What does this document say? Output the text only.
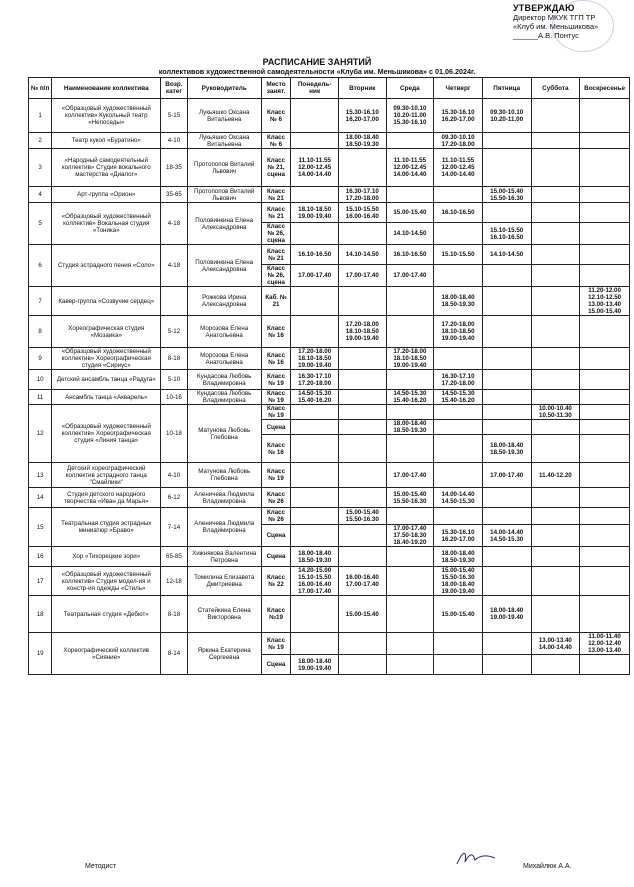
УТВЕРЖДАЮ
Директор МКУК ТГП ТР
«Клуб им. Меньшикова»
______А.В. Понтус
РАСПИСАНИЕ ЗАНЯТИЙ
коллективов художественной самодеятельности «Клуба им. Меньшикова» с 01.06.2024г.
№ п/п	Наименование коллектива	Возр. катег	Руководитель	Место занят.	Понедель-ник	Вторник	Среда	Четверг	Пятница	Суббота	Воскресенье
1	«Образцовый художественный коллектив» Кукольный театр «Непоседы»	5-15	Лукьяшко Оксана Витальевна	Класс № 6		15.30-16.10 16.20-17.00	09.30-10.10 10.20-11.00 15.30-16.10	15.30-16.10 16.20-17.00	09.30-10.10 10.20-11.00		
2	Театр кукол «Буратино»	4-10	Лукьяшко Оксана Витальевна	Класс № 6		18.00-18.40 18.50-19.30		09.30-10.10 17.20-18.00			
3	«Народный самодеятельный коллектив» Студия вокального мастерства «Диалог»	18-35	Протопопов Виталий Львович	Класс № 21, сцена	11.10-11.55 12.00-12.45 14.00-14.40		11.10-11.55 12.00-12.45 14.00-14.40	11.10-11.55 12.00-12.45 14.00-14.40			
4	Арт-группа «Орион»	35-65	Протопопов Виталий Львович	Класс № 21		16.30-17.10 17.20-18.00			15.00-15.40 15.50-16.30		
5	«Образцовый художественный коллектив» Вокальная студия «Тоника»	4-18	Половинкина Елена Александровна	Класс № 21	18.10-18.50 19.00-19.40	15.10-15.50 16.00-16.40	15.00-15.40	16.10-16.50			
				Класс № 26, сцена			14.10-14.50		15.10-15.50 16.10-16.50		
6	Студия эстрадного пения «Соло»	4-18	Половинкина Елена Александровна	Класс № 21	16.10-16.50	14.10-14.50	16.10-16.50	15.10-15.50	14.10-14.50		
				Класс № 26, сцена	17.00-17.40	17.00-17.40	17.00-17.40				
7	Кавер-группа «Созвучие сердец»		Рожкова Ирина Александровна	Каб. № 21				18.00-18.40 18.50-19.30			11.20-12.00 12.10-12.50 13.00-13.40 15.00-15.40
8	Хореографическая студия «Мозаика»	5-12	Морозова Елена Анатольевна	Класс № 16		17.20-18.00 18.10-18.50 19.00-19.40		17.20-18.00 18.10-18.50 19.00-19.40			
9	«Образцовый художественный коллектив» Хореографическая студия «Сириус»	8-18	Морозова Елена Анатольевна	Класс № 16	17.20-18.00 18.10-18.50 19.00-19.40		17.20-18.00 18.10-18.50 19.00-19.40				
10	Детский ансамбль танца «Радуга»	5-10	Кундасова Любовь Владимировна	Класс № 19	16.30-17.10 17.20-18.00			16.30-17.10 17.20-18.00			
11	Ансамбль танца «Акварель»	10-16	Кундасова Любовь Владимировна	Класс № 19	14.50-15.30 15.40-16.20		14.50-15.30 15.40-16.20	14.50-15.30 15.40-16.20			
12	«Образцовый художественный коллектив» Хореографическая студия «Линия танца»	10-18	Матунова Любовь Глебовна	Класс № 19						10.00-10.40 10.50-11.30	
				Сцена			18.00-18.40 18.50-19.30				
				Класс № 16					18.00-18.40 18.50-19.30		
13	Детский хореографический коллектив эстрадного танца "Смайлики"	4-10	Матунова Любовь Глебовна	Класс № 19			17.00-17.40		17.00-17.40	11.40-12.20	
14	Студия детского народного творчества «Иван да Марья»	6-12	Аленичева Людмила Владимировна	Класс № 26			15.00-15.40 15.50-16.30	14.00-14.40 14.50-15.30			
15	Театральная студия эстрадных миниатюр «Браво»	7-14	Аленичева Людмила Владимировна	Класс № 26		15.00-15.40 15.50-16.30					
				Сцена			17.00-17.40 17.50-18.30 18.40-19.20	15.30-16.10 16.20-17.00	14.00-14.40 14.50-15.30		
16	Хор «Тихорецкие зори»	65-85	Хижнякова Валентина Петровна	Сцена	18.00-18.40 18.50-19.30			18.00-18.40 18.50-19.30			
17	«Образцовый художественный коллектив» Студия модел-ия и констр-ия одежды «Стиль»	12-18	Томилина Елизавета Дмитриевна	Класс № 22	14.20-15.00 15.10-15.50 16.00-16.40 17.00-17.40	16.00-16.40 17.00-17.40		15.00-15.40 15.50-16.30 18.00-18.40 19.00-19.40			
18	Театральная студия «Дебют»	8-18	Статейкина Елена Викторовна	Класс №19		15.00-15.40		15.00-15.40	18.00-18.40 19.00-19.40		
19	Хореографический коллектив «Сияние»	8-14	Яркина Екатерина Сергеевна	Класс № 19						13.00-13.40 14.00-14.40	11.00-11.40 12.00-12.40 13.00-13.40
				Сцена	18.00-18.40 19.00-19.40						
Методист	Михайлюк А.А.
